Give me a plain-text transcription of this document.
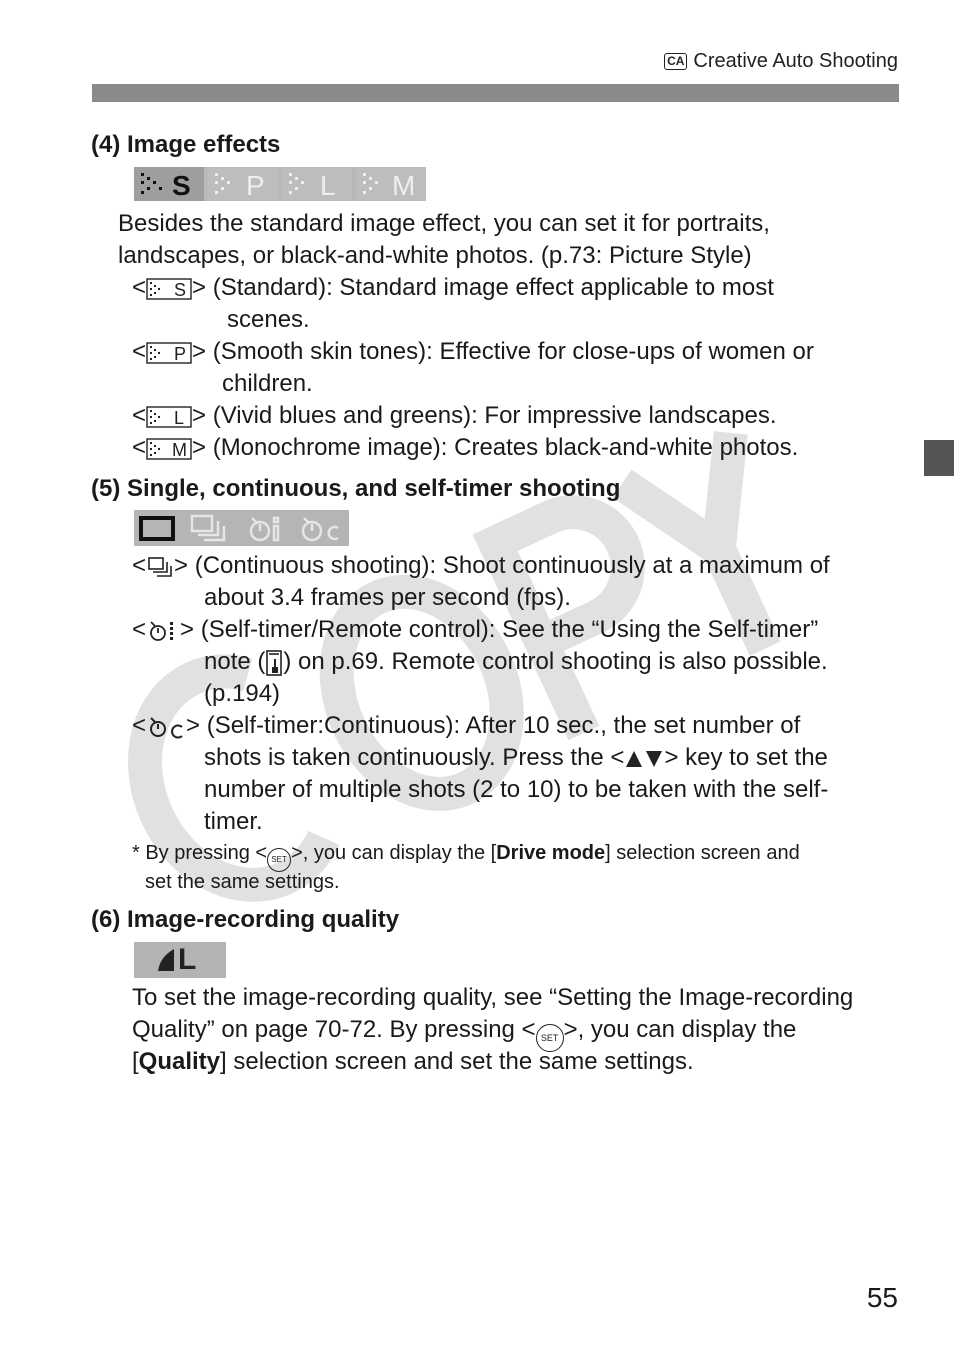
CA Creative Auto Shooting
(4) Image effects
S P L M
Besides the standard image effect, you can set it for portraits,
landscapes, or black-and-white photos. (p.73: Picture Style)
< S > (Standard): Standard image effect applicable to most
scenes.
< P > (Smooth skin tones): Effective for close-ups of women or
children.
< L > (Vivid blues and greens): For impressive landscapes.
< M > (Monochrome image): Creates black-and-white photos.
(5) Single, continuous, and self-timer shooting
< > (Continuous shooting): Shoot continuously at a maximum of
about 3.4 frames per second (fps).
< > (Self-timer/Remote control): See the “Using the Self-timer”
note ( ) on p.69. Remote control shooting is also possible.
(p.194)
< > (Self-timer:Continuous): After 10 sec., the set number of
shots is taken continuously. Press the < > key to set the
number of multiple shots (2 to 10) to be taken with the self-
timer.
* By pressing < SET >, you can display the [Drive mode] selection screen and
set the same settings.
(6) Image-recording quality
L
To set the image-recording quality, see “Setting the Image-recording
Quality” on page 70-72. By pressing < SET >, you can display the
[Quality] selection screen and set the same settings.
55
